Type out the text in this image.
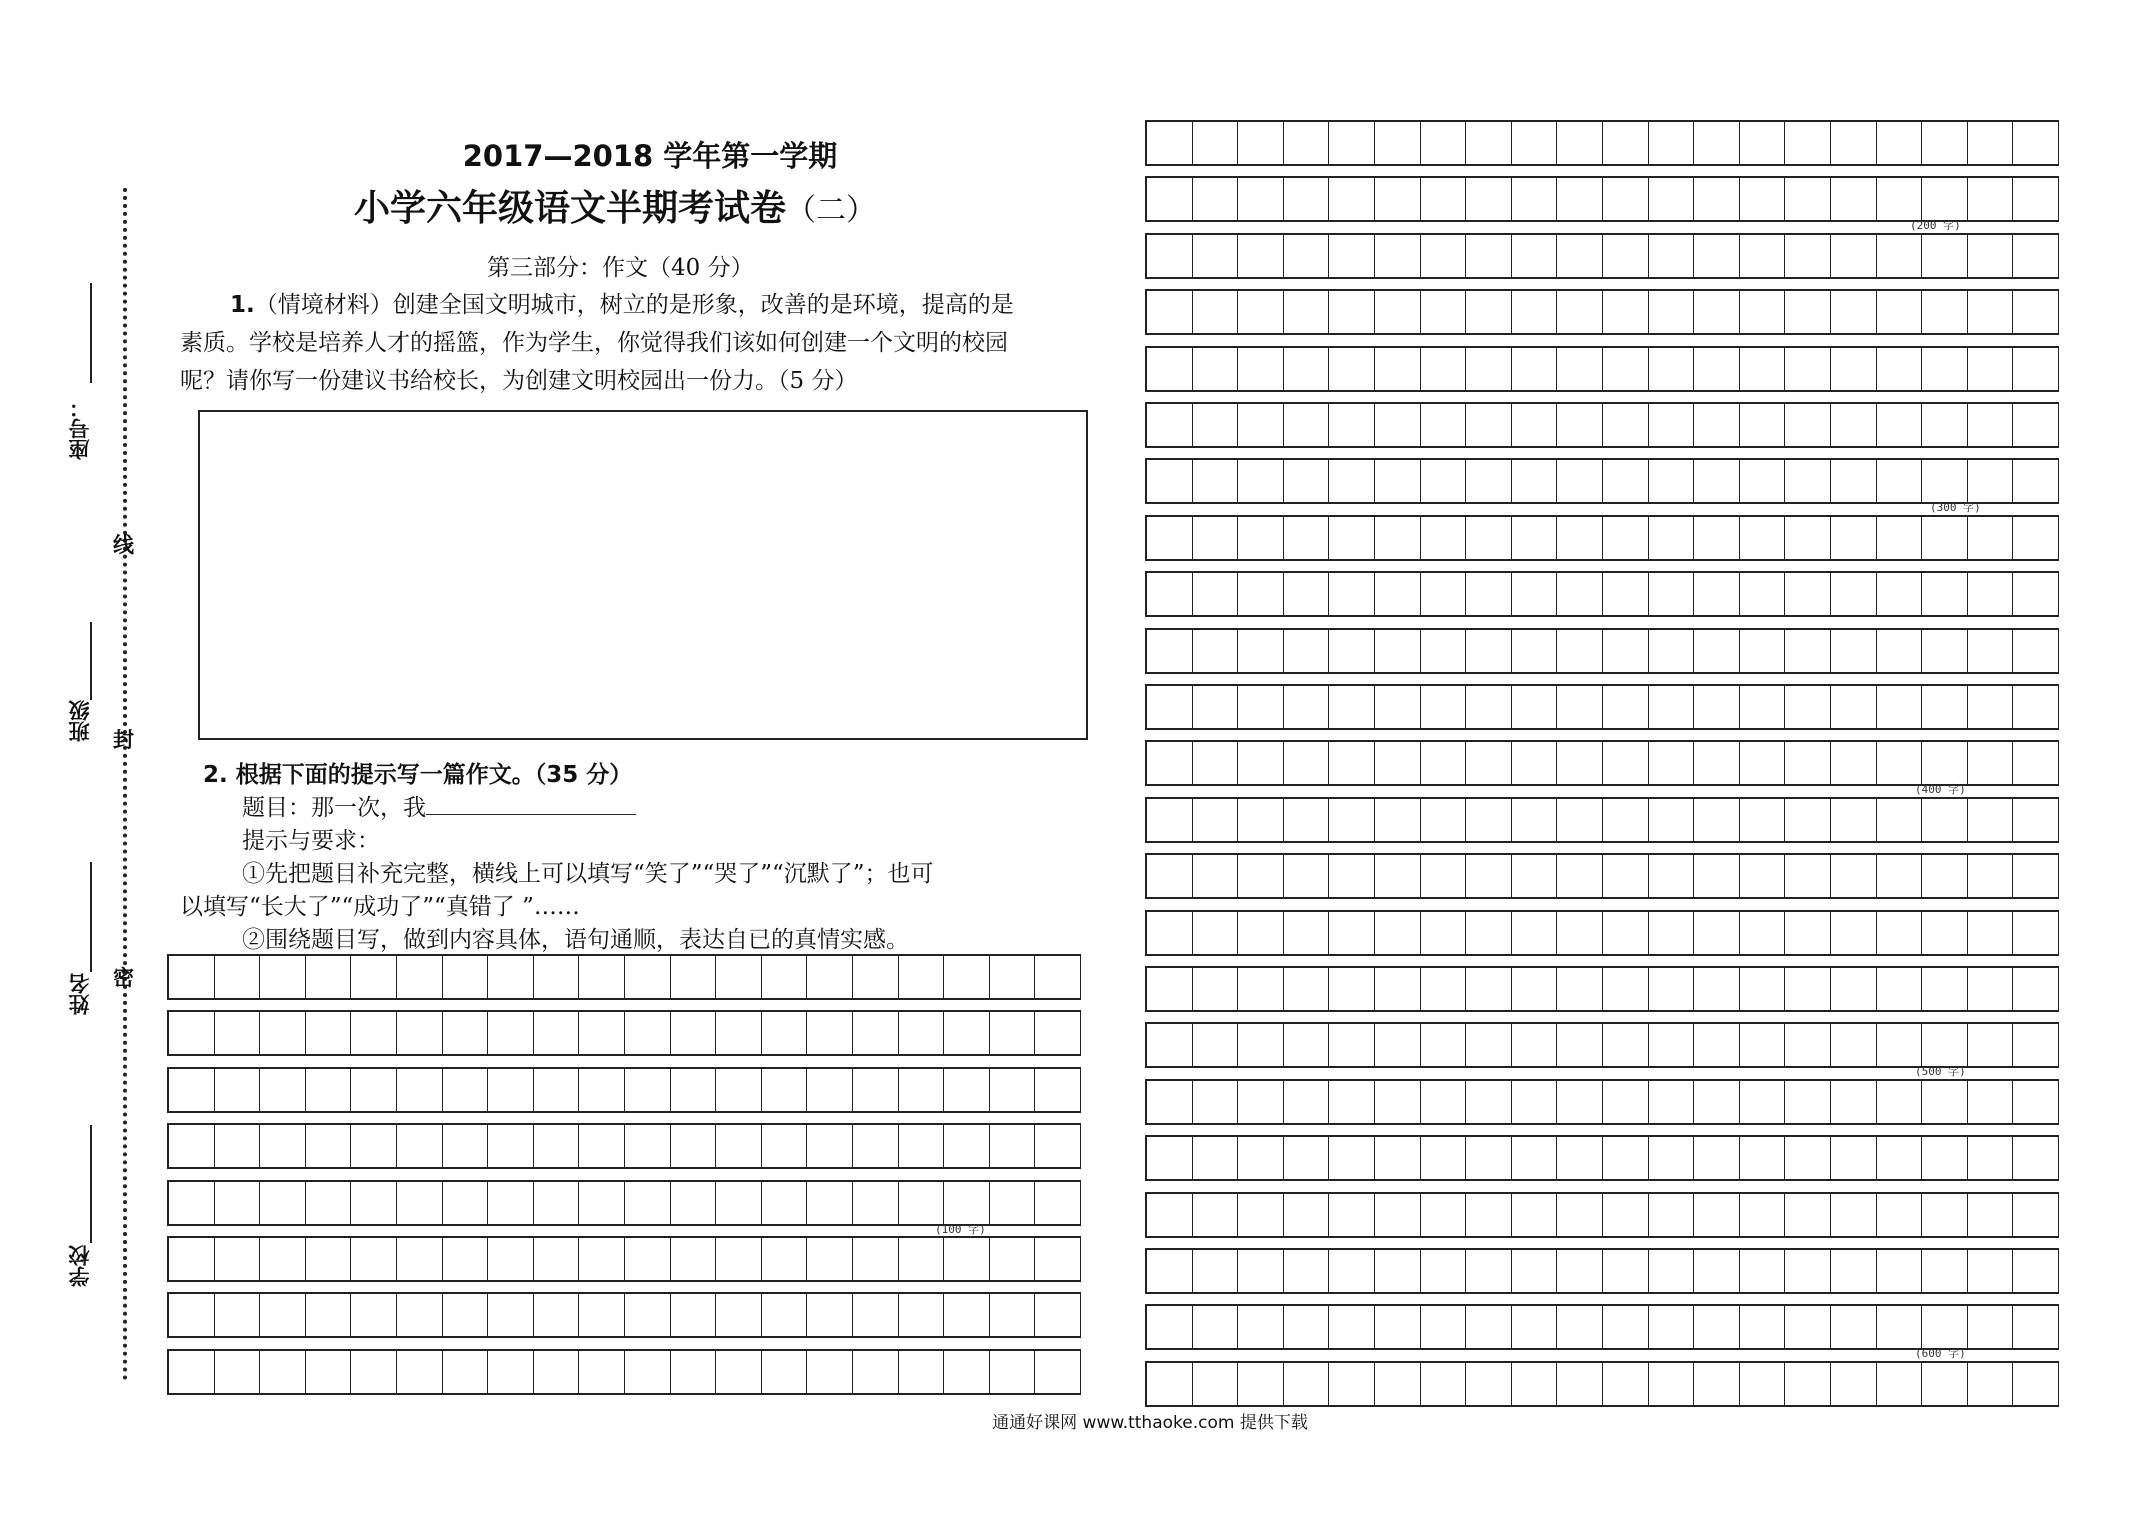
座号：
班级
姓名
学校
线
封
密
2017—2018 学年第一学期
小学六年级语文半期考试卷（二）
第三部分：作文（40 分）
1.（情境材料）创建全国文明城市，树立的是形象，改善的是环境，提高的是
素质。学校是培养人才的摇篮，作为学生，你觉得我们该如何创建一个文明的校园
呢？请你写一份建议书给校长，为创建文明校园出一份力。（5 分）
2. 根据下面的提示写一篇作文。（35 分）
题目：那一次，我
提示与要求：
①先把题目补充完整，横线上可以填写“笑了”“哭了”“沉默了”；也可
以填写“长大了”“成功了”“真错了 ”……
②围绕题目写，做到内容具体，语句通顺，表达自已的真情实感。
(100 字)
(200 字)
(300 字)
(400 字)
(500 字)
(600 字)
通通好课网 www.tthaoke.com 提供下载
